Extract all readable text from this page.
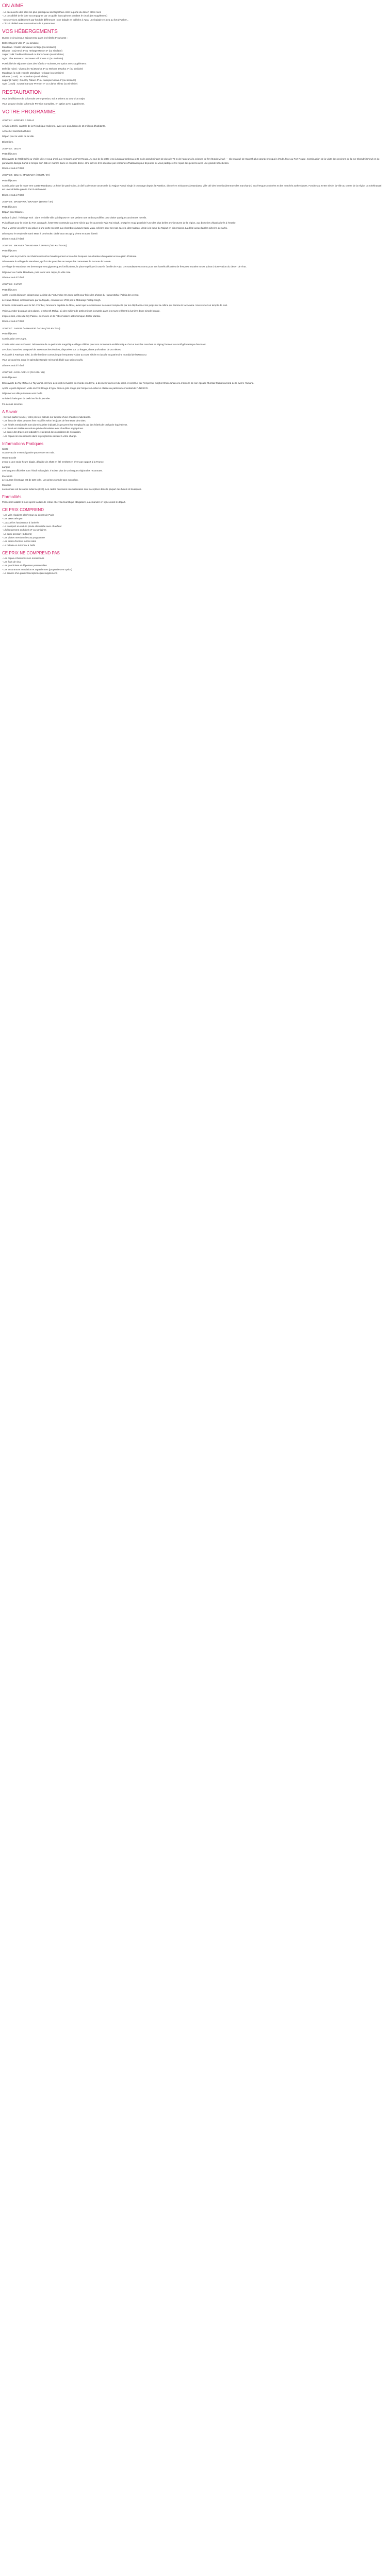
ON AIME
- La découverte des sites les plus prestigieux du Rajasthan entre la porte du désert et les rives
- La possibilité de la faire accompagner par un guide francophone pendant le circuit (en supplément)
- Des services additionnels par fond de différences : une balade en calèche à Agra, une balade en jeep au fort d'Amber...
- Circuit réalisé avec au maximum de 6 personnes
VOS HÉBERGEMENTS

Durant le circuit nous séjournerez dans les hôtels 3* suivants :

Delhi : Regent Villa 3* (ou similaire)
Mandawa : Castle Mandawa Heritage (ou similaire)
Bikaner : Gaj Kesri 3* ou Heritage Resort 3* (ou similaire)
Jaipur : HM Traditional Haveli ou Park Ocean (ou similaire)
Agra : The Retreat 4* ou Seven Hill Tower 4* (ou similaire)

Possibilité de séjourner dans des hôtels 4* suivants, en option avec supplément :

Delhi (2 nuits) : Vivanta by Taj Dwarka 4* ou Welcom Dwarka 4* (ou similaire)
Mandawa (1 nuit) : Castle Mandawa Heritage (ou similaire)
Bikaner (1 nuit) : Ia rodanthan (ou similaire)
Jaipur (2 nuits) : Country Palace 4* ou Narayan Niwas 4* (ou similaire)
Agra (1 nuit) : Crystal Sarovar Premier 4* ou Clarks Shiraz (ou similaire)
RESTAURATION

Vous bénéficierez de la formule Demi-pension, soit 6 Dîners au cour d'un trajet.

Vous pouvez choisir la formule Pension Complète, en option avec supplément.

VOTRE PROGRAMME

JOUR 01 : ARRIVÉE À DELHI

Arrivée à Delhi, capitale de la République Indienne, avec une population de 16 millions d'habitants.

Accueil et transfert à l'hôtel.

Départ pour la visite de la ville.

Dîner libre.

JOUR 02 : DELHI

Petit déjeuner.

Découverte de l'Old Delhi ou Vieille ville et coup d'œil aux remparts du Fort Rouge. Au tour de la petite jeep jusqu'au tombeau à 35 m de grand minaret de plus de 72 m de hauteur à la colonne de fer (Qutub Minar) — site marqué de Ganesh plus grande mosquée d'Inde, face au Fort Rouge. Continuation de la visite des environs de la rue Chandni Chowk et du gurudwara Bangla Sahib le temple sikh bâti en marbre blanc et coupole dorée. Une arrivée très attendue par centaines d'habitants pour déjeuner où vous partagerez le repas des pèlerins avec une grande bénédiction.

Dîner et nuit à l'hôtel.

JOUR 03 : DELHI / MANDAWA (198KM / 5H)

Petit déjeuner.

Continuation par la route vers Castle Mandawa, un hôtel de patrimoine, à côté la demeure ancestrale du Rajput Rawal Singh à cet usage depuis la Partition, décoré en miniatures à Mandawa, ville cité des havelis (demeure des marchands) aux fresques colorées et des marchés authentiques. Fondée au XVIIIe siècle, la ville au centre de la région du Shekhawati est une véritable galerie d'art à ciel ouvert.

Dîner et nuit à l'hôtel.

JOUR 04 : MANDAWA / BIKANER (195KM / 4H)

Petit déjeuner.

Départ pour Bikaner.

Balade à pied : l'héritage woh : dans le vieille ville qui dispose en ses petites rues et d'un prolifère pour visiter quelques anciennes havelis.

Puis départ pour la visite du Fort Junagarh, forteresse construite au XVIe siècle par le souverain Raja Rai Singh, prospère et qui possède l'une des plus belles architectures de la région, aux boiseries d'épais dorés à l'entrée.

Vous y verrez un pèlerin qui grâce à une porte menant aux chambres jusqu'à Karni Mata, célèbre pour ses rats sacrés, dits Kabbas. Visite à la lueur du Rajput en dimensions. La déité accueillait les pèlerins de sa foi.

Découvrez le temple de Karni Mata à Deshnoke, dédié aux rats qui y vivent en toute liberté.

Dîner et nuit à l'hôtel.

JOUR 05 : BIKANER / MANDAWA / JAIPUR (340 KM / 6H30)

Petit déjeuner.

Départ vers la province de Shekhawati où les havelis portent encore les fresques mouchetées d'un passé encore plein d'histoire.

Découverte du village de Mandawa, qui fut très prospère au temps des caravanes de la route de la soie.

Le village de Mandawa est devenu par ses gigantesques fortifications, la place mythique à toute la famille de Raja. Ce mandawa est connu pour ses havelis décorées de fresques murales et ses points d'observation du désert de Thar.

Déjeuner au Castle Mandawa, puis route vers Jaipur, la ville rose.

Dîner et nuit à l'hôtel.

JOUR 06 : JAIPUR

Petit déjeuner.

Après le petit déjeuner, départ pour la visite du Fort Amber. En route arrêt pour faire des photos du Hawa Mahal (Palais des vents).

Le Hawa Mahal, extraordinaire par sa façade, construit en 1799 par le Maharaja Pratap Singh.

Ensuite continuation vers le fort d'Amber, l'ancienne capitale de l'État, avant que les chameaux ne soient remplacés par les éléphants et les jeeps sur la colline qui domine le lac Maota. Vous verrez un temple de Kali.

Visite à Amber du palais des glaces, le Sheesh Mahal, où des milliers de petits miroirs incrustés dans les murs reflètent la lumière d'une simple bougie.

L'après-midi, visite du City Palace, du musée et de l'observatoire astronomique Jantar Mantar.

Dîner et nuit à l'hôtel.

JOUR 07 : JAIPUR / ABHANERI / AGRA (250 KM / 5H)

Petit déjeuner.

Continuation vers Agra.

Continuation vers Abhaneri. Découverte de ce petit mais magnifique village célèbre pour son monument emblématique d'art et dont les marches en zigzag forment un motif géométrique fascinant.

Le Chand Baori est composé de 3500 marches étroites, disposées sur 13 étages, d'une profondeur de 20 mètres.

Puis arrêt à Fatehpur Sikri, la ville fantôme construite par l'empereur Akbar au XVIe siècle et classée au patrimoine mondial de l'UNESCO.

Vous découvrirez aussi le splendide temple mémorial dédié aux saints soufis.

Dîner et nuit à l'hôtel.

JOUR 08 : AGRA / DELHI (210 KM / 4H)

Petit déjeuner.

Découverte du Taj Mahal. Le Taj Mahal est l'une des sept merveilles du monde moderne, à découvrir au lever du soleil et construit par l'empereur moghol Shah Jahan à la mémoire de son épouse Mumtaz Mahal au bord de la rivière Yamuna.

Après le petit déjeuner, visite du Fort Rouge d'Agra, bâti en grès rouge par l'empereur Akbar et classé au patrimoine mondial de l'UNESCO.

Déjeuner en ville puis route vers Delhi.

Arrivée à l'aéroport de Delhi en fin de journée.

Fin de nos services.

A Savoir
- Si vous partez seul(e), votre prix est calculé sur la base d'une chambre individuelle.
- Les lieux de visite peuvent être modifiés selon les jours de fermeture des sites.
- Les hôtels mentionnés sont donnés à titre indicatif, ils peuvent être remplacés par des hôtels de catégorie équivalente.
- Le circuit est réalisé en voiture privée climatisée avec chauffeur anglophone.
- La durée des trajets est indicative et dépend des conditions de circulation.
- Les repas non mentionnés dans le programme restent à votre charge.
Informations Pratiques

Santé

Aucun vaccin n'est obligatoire pour entrer en Inde.

Heure Locale

L'Inde a une seule heure légale, décalée de 4h30 en été et 5h30 en hiver par rapport à la France.

Langue

Les langues officielles sont l'hindi et l'anglais. Il existe plus de 20 langues régionales reconnues.

Électricité

Le courant électrique est de 220 volts. Les prises sont de type européen.

Monnaie

La monnaie est la roupie indienne (INR). Les cartes bancaires internationales sont acceptées dans la plupart des hôtels et boutiques.

Formalités

Passeport valable 6 mois après la date de retour et e-visa touristique obligatoire, à demander en ligne avant le départ.

CE PRIX COMPREND
- Les vols réguliers aller/retour au départ de Paris
- Les taxes aéroport
- L'accueil et l'assistance à l'arrivée
- Le transport en voiture privée climatisée avec chauffeur
- L'hébergement en hôtels 3* ou similaires
- La demi-pension (6 dîners)
- Les visites mentionnées au programme
- Les droits d'entrée sur les sites
- La balade en rickshaw à Delhi
CE PRIX NE COMPREND PAS
- Les repas et boissons non mentionnés
- Les frais de visa
- Les pourboires et dépenses personnelles
- Les assurances annulation et rapatriement (proposées en option)
- Le service d'un guide francophone (en supplément)
